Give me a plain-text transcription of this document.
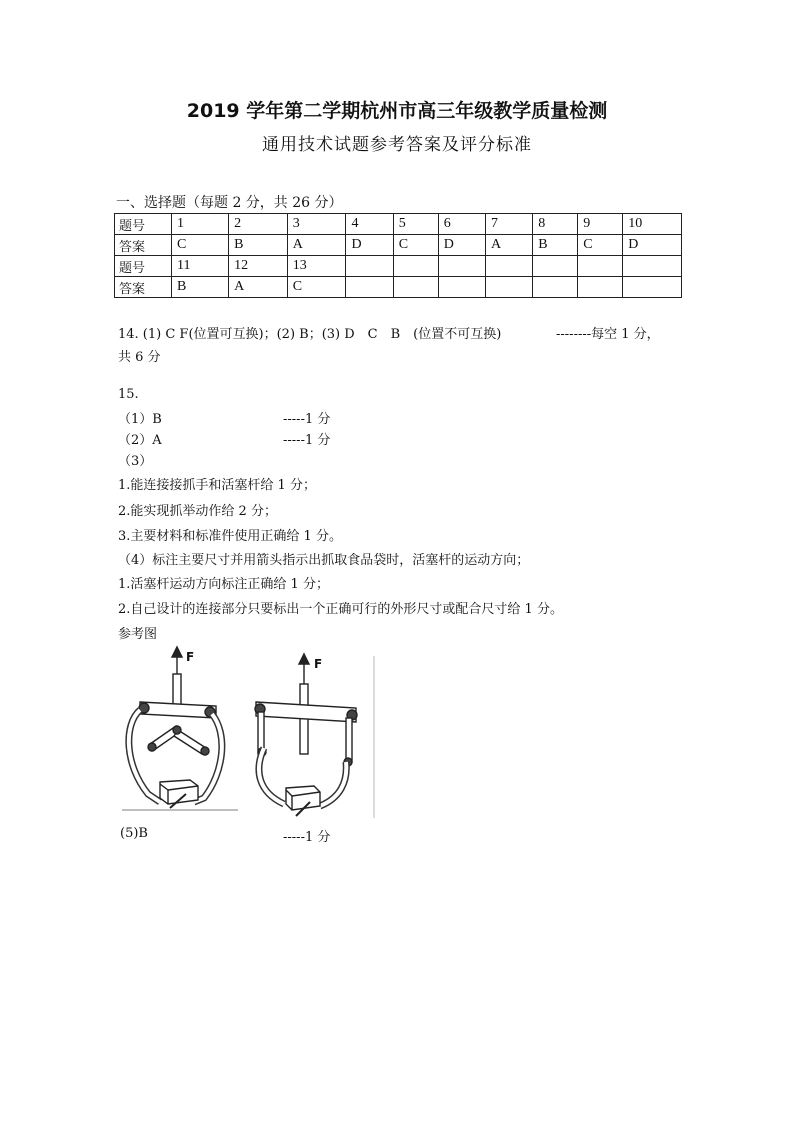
2019 学年第二学期杭州市高三年级教学质量检测
通用技术试题参考答案及评分标准
一、选择题（每题 2 分，共 26 分）
题号	1	2	3	4	5	6	7	8	9	10
答案	C	B	A	D	C	D	A	B	C	D
题号	11	12	13							
答案	B	A	C							
14. (1) C F(位置可互换)；(2) B；(3) D　C　B　(位置不可互换)	--------每空 1 分，
共 6 分
15.
（1）B	-----1 分
（2）A	-----1 分
（3）
1.能连接接抓手和活塞杆给 1 分；
2.能实现抓举动作给 2 分；
3.主要材料和标准件使用正确给 1 分。
（4）标注主要尺寸并用箭头指示出抓取食品袋时，活塞杆的运动方向；
1.活塞杆运动方向标注正确给 1 分；
2.自己设计的连接部分只要标出一个正确可行的外形尺寸或配合尺寸给 1 分。
参考图
F	F
(5)B	-----1 分
